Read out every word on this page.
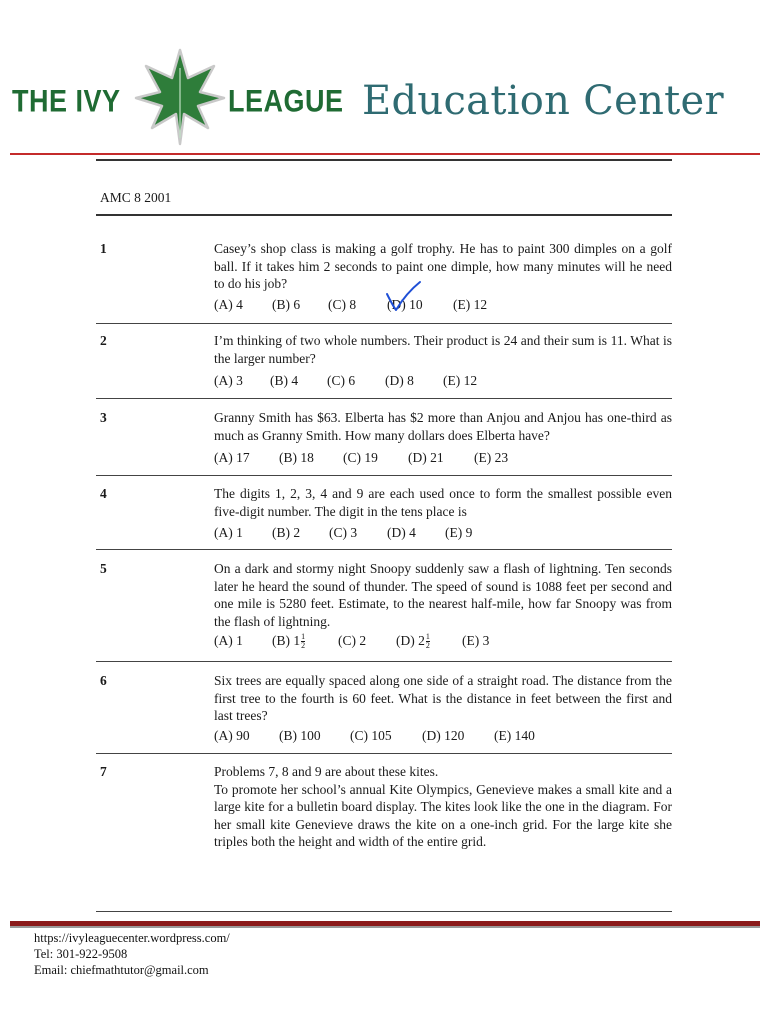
THE IVY	LEAGUE Education Center
AMC 8 2001
1	Casey’s shop class is making a golf trophy. He has to paint 300 dimples on a golf ball. If it takes him 2 seconds to paint one dimple, how many minutes will he need to do his job?
(A) 4 (B) 6 (C) 8 (D) 10 (E) 12
2	I’m thinking of two whole numbers. Their product is 24 and their sum is 11. What is the larger number?
(A) 3 (B) 4 (C) 6 (D) 8 (E) 12
3	Granny Smith has $63. Elberta has $2 more than Anjou and Anjou has one-third as much as Granny Smith. How many dollars does Elberta have?
(A) 17 (B) 18 (C) 19 (D) 21 (E) 23
4	The digits 1, 2, 3, 4 and 9 are each used once to form the smallest possible even five-digit number. The digit in the tens place is
(A) 1 (B) 2 (C) 3 (D) 4 (E) 9
5	On a dark and stormy night Snoopy suddenly saw a flash of lightning. Ten seconds later he heard the sound of thunder. The speed of sound is 1088 feet per second and one mile is 5280 feet. Estimate, to the nearest half-mile, how far Snoopy was from the flash of lightning.
(A) 1 (B) $1 \frac{1}{2} (C)$ 2 (D) $2 \frac{1}{2} (E)$ 3
6	Six trees are equally spaced along one side of a straight road. The distance from the first tree to the fourth is 60 feet. What is the distance in feet between the first and last trees?
(A) 90 (B) 100 (C) 105 (D) 120 (E) 140
7	Problems 7, 8 and 9 are about these kites.
To promote her school’s annual Kite Olympics, Genevieve makes a small kite and a large kite for a bulletin board display. The kites look like the one in the diagram. For her small kite Genevieve draws the kite on a one-inch grid. For the large kite she triples both the height and width of the entire grid.
https://ivyleaguecenter.wordpress.com/
Tel: 301-922-9508
Email: chiefmathtutor@gmail.com
